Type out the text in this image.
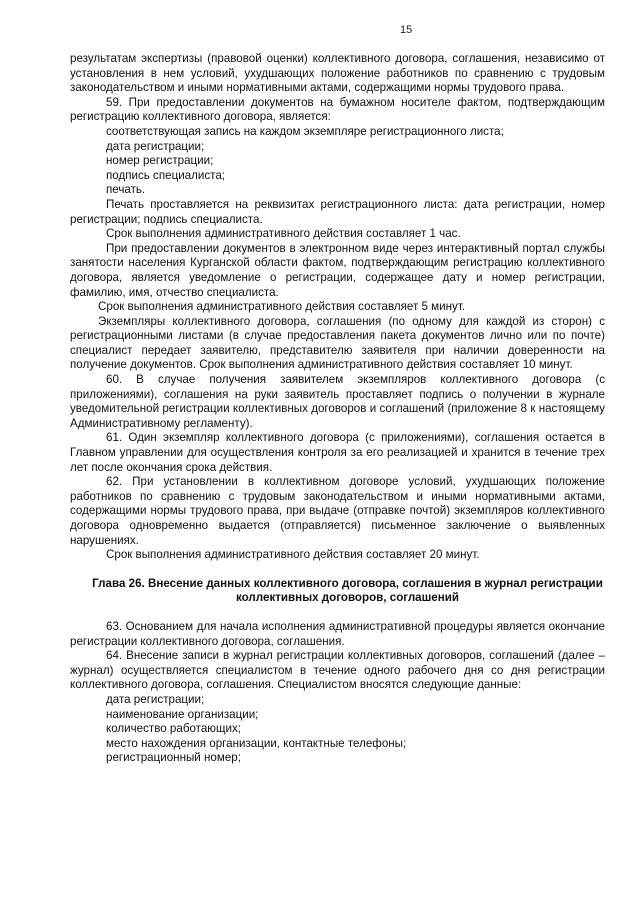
15

результатам экспертизы (правовой оценки) коллективного договора, соглашения, независимо от установления в нем условий, ухудшающих положение работников по сравнению с трудовым законодательством и иными нормативными актами, содержащими нормы трудового права.

59. При предоставлении документов на бумажном носителе фактом, подтверждающим регистрацию коллективного договора, является:

соответствующая запись на каждом экземпляре регистрационного листа;

дата регистрации;

номер регистрации;

подпись специалиста;

печать.

Печать проставляется на реквизитах регистрационного листа: дата регистрации, номер регистрации; подпись специалиста.

Срок выполнения административного действия составляет 1 час.

При предоставлении документов в электронном виде через интерактивный портал службы занятости населения Курганской области фактом, подтверждающим регистрацию коллективного договора, является уведомление о регистрации, содержащее дату и номер регистрации, фамилию, имя, отчество специалиста.

Срок выполнения административного действия составляет 5 минут.

Экземпляры коллективного договора, соглашения (по одному для каждой из сторон) с регистрационными листами (в случае предоставления пакета документов лично или по почте) специалист передает заявителю, представителю заявителя при наличии доверенности на получение документов. Срок выполнения административного действия составляет 10 минут.

60. В случае получения заявителем экземпляров коллективного договора (с приложениями), соглашения на руки заявитель проставляет подпись о получении в журнале уведомительной регистрации коллективных договоров и соглашений (приложение 8 к настоящему Административному регламенту).

61. Один экземпляр коллективного договора (с приложениями), соглашения остается в Главном управлении для осуществления контроля за его реализацией и хранится в течение трех лет после окончания срока действия.

62. При установлении в коллективном договоре условий, ухудшающих положение работников по сравнению с трудовым законодательством и иными нормативными актами, содержащими нормы трудового права, при выдаче (отправке почтой) экземпляров коллективного договора одновременно выдается (отправляется) письменное заключение о выявленных нарушениях.

Срок выполнения административного действия составляет 20 минут.

Глава 26. Внесение данных коллективного договора, соглашения в журнал регистрации коллективных договоров, соглашений

63. Основанием для начала исполнения административной процедуры является окончание регистрации коллективного договора, соглашения.

64. Внесение записи в журнал регистрации коллективных договоров, соглашений (далее – журнал) осуществляется специалистом в течение одного рабочего дня со дня регистрации коллективного договора, соглашения. Специалистом вносятся следующие данные:

дата регистрации;

наименование организации;

количество работающих;

место нахождения организации, контактные телефоны;

регистрационный номер;
